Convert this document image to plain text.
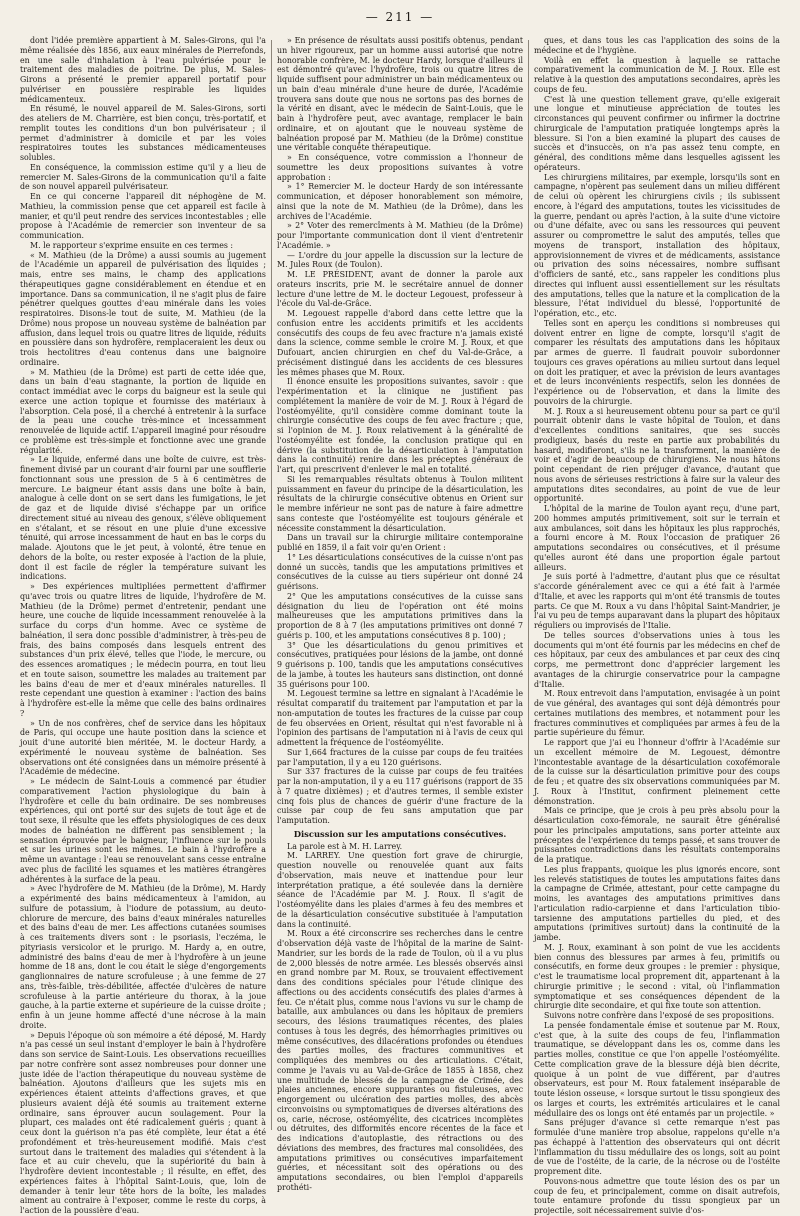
— 211 —

dont l'idée première appartient à M. Sales-Girons, qui l'a même réalisée dès 1856, aux eaux minérales de Pierrefonds, en une salle d'inhalation à l'eau pulvérisée pour le traitement des maladies de poitrine. De plus, M. Sales-Girons a présenté le premier appareil portatif pour pulvériser en poussière respirable les liquides médicamenteux.

En résumé, le nouvel appareil de M. Sales-Girons, sorti des ateliers de M. Charrière, est bien conçu, très-portatif, et remplit toutes les conditions d'un bon pulvérisateur ; il permet d'administrer à domicile et par les voies respiratoires toutes les substances médicamenteuses solubles.

En conséquence, la commission estime qu'il y a lieu de remercier M. Sales-Girons de la communication qu'il a faite de son nouvel appareil pulvérisateur.

En ce qui concerne l'appareil dit néphogène de M. Mathieu, la commission pense que cet appareil est facile à manier, et qu'il peut rendre des services incontestables ; elle propose à l'Académie de remercier son inventeur de sa communication.

M. le rapporteur s'exprime ensuite en ces termes :

« M. Mathieu (de la Drôme) a aussi soumis au jugement de l'Académie un appareil de pulvérisation des liquides ; mais, entre ses mains, le champ des applications thérapeutiques gagne considérablement en étendue et en importance. Dans sa communication, il ne s'agit plus de faire pénétrer quelques gouttes d'eau minérale dans les voies respiratoires. Disons-le tout de suite, M. Mathieu (de la Drôme) nous propose un nouveau système de balnéation par affusion, dans lequel trois ou quatre litres de liquide, réduits en poussière dans son hydrofère, remplaceraient les deux ou trois hectolitres d'eau contenus dans une baignoire ordinaire.

» M. Mathieu (de la Drôme) est parti de cette idée que, dans un bain d'eau stagnante, la portion de liquide en contact immédiat avec le corps du baigneur est la seule qui exerce une action topique et fournisse des matériaux à l'absorption. Cela posé, il a cherché à entretenir à la surface de la peau une couche très-mince et incessamment renouvelée de liquide actif. L'appareil imaginé pour résoudre ce problème est très-simple et fonctionne avec une grande régularité.

» Le liquide, enfermé dans une boîte de cuivre, est très-finement divisé par un courant d'air fourni par une soufflerie fonctionnant sous une pression de 5 à 6 centimètres de mercure. Le baigneur étant assis dans une boîte à bain, analogue à celle dont on se sert dans les fumigations, le jet de gaz et de liquide divisé s'échappe par un orifice directement situé au niveau des genoux, s'élève obliquement en s'étalant, et se résout en une pluie d'une excessive ténuité, qui arrose incessamment de haut en bas le corps du malade. Ajoutons que le jet peut, à volonté, être tenue en dehors de la boîte, ou rester exposée à l'action de la pluie, dont il est facile de régler la température suivant les indications.

» Des expériences multipliées permettent d'affirmer qu'avec trois ou quatre litres de liquide, l'hydrofère de M. Mathieu (de la Drôme) permet d'entretenir, pendant une heure, une couche de liquide incessamment renouvelée à la surface du corps d'un homme. Avec ce système de balnéation, il sera donc possible d'administrer, à très-peu de frais, des bains composés dans lesquels entrent des substances d'un prix élevé, telles que l'iode, le mercure, ou des essences aromatiques ; le médecin pourra, en tout lieu et en toute saison, soumettre les malades au traitement par les bains d'eau de mer et d'eaux minérales naturelles. Il reste cependant une question à examiner : l'action des bains à l'hydrofère est-elle la même que celle des bains ordinaires ?

» Un de nos confrères, chef de service dans les hôpitaux de Paris, qui occupe une haute position dans la science et jouit d'une autorité bien méritée, M. le docteur Hardy, a expérimenté le nouveau système de balnéation. Ses observations ont été consignées dans un mémoire présenté à l'Académie de médecine.

» Le médecin de Saint-Louis a commencé par étudier comparativement l'action physiologique du bain à l'hydrofère et celle du bain ordinaire. De ses nombreuses expériences, qui ont porté sur des sujets de tout âge et de tout sexe, il résulte que les effets physiologiques de ces deux modes de balnéation ne diffèrent pas sensiblement ; la sensation éprouvée par le baigneur, l'influence sur le pouls et sur les urines sont les mêmes. Le bain à l'hydrofère a même un avantage : l'eau se renouvelant sans cesse entraîne avec plus de facilité les squames et les matières étrangères adhérentes à la surface de la peau.

» Avec l'hydrofère de M. Mathieu (de la Drôme), M. Hardy a expérimenté des bains médicamenteux à l'amidon, au sulfure de potassium, à l'iodure de potassium, au deuto-chlorure de mercure, des bains d'eaux minérales naturelles et des bains d'eau de mer. Les affections cutanées soumises à ces traitements divers sont : le psoriasis, l'eczéma, le pityriasis versicolor et le prurigo. M. Hardy a, en outre, administré des bains d'eau de mer à l'hydrofère à un jeune homme de 18 ans, dont le cou était le siège d'engorgements ganglionnaires de nature scrofuleuse ; à une femme de 27 ans, très-faible, très-débilitée, affectée d'ulcères de nature scrofuleuse à la partie antérieure du thorax, à la joue gauche, à la partie externe et supérieure de la cuisse droite ; enfin à un jeune homme affecté d'une nécrose à la main droite.

» Depuis l'époque où son mémoire a été déposé, M. Hardy n'a pas cessé un seul instant d'employer le bain à l'hydrofère dans son service de Saint-Louis. Les observations recueillies par notre confrère sont assez nombreuses pour donner une juste idée de l'action thérapeutique du nouveau système de balnéation. Ajoutons d'ailleurs que les sujets mis en expériences étaient atteints d'affections graves, et que plusieurs avaient déjà été soumis au traitement externe ordinaire, sans éprouver aucun soulagement. Pour la plupart, ces malades ont été radicalement guéris ; quant à ceux dont la guérison n'a pas été complète, leur état a été profondément et très-heureusement modifié. Mais c'est surtout dans le traitement des maladies qui s'étendent à la face et au cuir chevelu, que la supériorité du bain à l'hydrofère devient incontestable ; il résulte, en effet, des expériences faites à l'hôpital Saint-Louis, que, loin de demander à tenir leur tête hors de la boîte, les malades aiment au contraire à l'exposer, comme le reste du corps, à l'action de la poussière d'eau.

» En présence de résultats aussi positifs obtenus, pendant un hiver rigoureux, par un homme aussi autorisé que notre honorable confrère, M. le docteur Hardy, lorsque d'ailleurs il est démontré qu'avec l'hydrofère, trois ou quatre litres de liquide suffisent pour administrer un bain médicamenteux ou un bain d'eau minérale d'une heure de durée, l'Académie trouvera sans doute que nous ne sortons pas des bornes de la vérité en disant, avec le médecin de Saint-Louis, que le bain à l'hydrofère peut, avec avantage, remplacer le bain ordinaire, et on ajoutant que le nouveau système de balnéation proposé par M. Mathieu (de la Drôme) constitue une véritable conquête thérapeutique.

» En conséquence, votre commission a l'honneur de soumettre les deux propositions suivantes à votre approbation :

» 1° Remercier M. le docteur Hardy de son intéressante communication, et déposer honorablement son mémoire, ainsi que la note de M. Mathieu (de la Drôme), dans les archives de l'Académie.

» 2° Voter des remercîments à M. Mathieu (de la Drôme) pour l'importante communication dont il vient d'entretenir l'Académie. »

— L'ordre du jour appelle la discussion sur la lecture de M. Jules Roux (de Toulon).

M. LE PRÉSIDENT, avant de donner la parole aux orateurs inscrits, prie M. le secrétaire annuel de donner lecture d'une lettre de M. le docteur Legouest, professeur à l'école du Val-de-Grâce.

M. Legouest rappelle d'abord dans cette lettre que la confusion entre les accidents primitifs et les accidents consécutifs des coups de feu avec fracture n'a jamais existé dans la science, comme semble le croire M. J. Roux, et que Dufouart, ancien chirurgien en chef du Val-de-Grâce, a précisément distingué dans les accidents de ces blessures les mêmes phases que M. Roux.

Il énonce ensuite les propositions suivantes, savoir : que l'expérimentation et la clinique ne justifient pas complétement la manière de voir de M. J. Roux à l'égard de l'ostéomyélite, qu'il considère comme dominant toute la chirurgie consécutive des coups de feu avec fracture ; que, si l'opinion de M. J. Roux relativement à la généralité de l'ostéomyélite est fondée, la conclusion pratique qui en dérive (la substitution de la désarticulation à l'amputation dans la continuité) renire dans les préceptes généraux de l'art, qui prescrivent d'enlever le mal en totalité.

Si les remarquables résultats obtenus à Toulon militent puissamment en faveur du principe de la désarticulation, les résultats de la chirurgie consécutive obtenus en Orient sur le membre inférieur ne sont pas de nature à faire admettre sans conteste que l'ostéomyélite est toujours générale et nécessite constamment la désarticulation.

Dans un travail sur la chirurgie militaire contemporaine publié en 1859, il a fait voir qu'en Orient :

1° Les désarticulations consécutives de la cuisse n'ont pas donné un succès, tandis que les amputations primitives et consécutives de la cuisse au tiers supérieur ont donné 24 guérisons.

2° Que les amputations consécutives de la cuisse sans désignation du lieu de l'opération ont été moins malheureuses que les amputations primitives dans la proportion de 8 à 7 (les amputations primitives ont donné 7 guéris p. 100, et les amputations consécutives 8 p. 100) ;

3° Que les désarticulations du genou primitives et consécutives, pratiquées pour lésions de la jambe, ont donné 9 guérisons p. 100, tandis que les amputations consécutives de la jambe, à toutes les hauteurs sans distinction, ont donné 35 guérisons pour 100.

M. Legouest termine sa lettre en signalant à l'Académie le résultat comparatif du traitement par l'amputation et par la non-amputation de toutes les fractures de la cuisse par coup de feu observées en Orient, résultat qui n'est favorable ni à l'opinion des partisans de l'amputation ni à l'avis de ceux qui admettent la fréquence de l'ostéomyélite.

Sur 1,664 fractures de la cuisse par coups de feu traitées par l'amputation, il y a eu 120 guérisons.

Sur 337 fractures de la cuisse par coups de feu traitées par la non-amputation, il y a eu 117 guérisons (rapport de 35 à 7 quatre dixièmes) ; et d'autres termes, il semble exister cinq fois plus de chances de guérir d'une fracture de la cuisse par coup de feu sans amputation que par l'amputation.

Discussion sur les amputations consécutives.

La parole est à M. H. Larrey.

M. LARREY. Une question fort grave de chirurgie, question nouvelle ou renouvelée quant aux faits d'observation, mais neuve et inattendue pour leur interprétation pratique, a été soulevée dans la dernière séance de l'Académie par M. J. Roux. Il s'agit de l'ostéomyélite dans les plaies d'armes à feu des membres et de la désarticulation consécutive substituée à l'amputation dans la continuité.

M. Roux a été circonscrire ses recherches dans le centre d'observation déjà vaste de l'hôpital de la marine de Saint-Mandrier, sur les bords de la rade de Toulon, où il a vu plus de 2,000 blessés de notre armée. Les blessés observés ainsi en grand nombre par M. Roux, se trouvaient effectivement dans des conditions spéciales pour l'étude clinique des affections ou des accidents consécutifs des plaies d'armes à feu. Ce n'était plus, comme nous l'avions vu sur le champ de bataille, aux ambulances ou dans les hôpitaux de premiers secours, des lésions traumatiques récentes, des plaies contuses à tous les degrés, des hémorrhagies primitives ou même consécutives, des dilacérations profondes ou étendues des parties molles, des fractures communitives et compliquées des membres ou des articulations. C'était, comme je l'avais vu au Val-de-Grâce de 1855 à 1858, chez une multitude de blessés de la campagne de Crimée, des plaies anciennes, encore suppurantes ou fistuleuses, avec engorgement ou ulcération des parties molles, des abcès circonvoisins ou symptomatiques de diverses altérations des os, carie, nécrose, ostéomyélite, des cicatrices incomplètes ou détruites, des difformités encore récentes de la face et des indications d'autoplastie, des rétractions ou des déviations des membres, des fractures mal consolidées, des amputations primitives ou consécutives imparfaitement guéries, et nécessitant soit des opérations ou des amputations secondaires, ou bien l'emploi d'appareils prothéti-

ques, et dans tous les cas l'application des soins de la médecine et de l'hygiène.

Voilà en effet la question à laquelle se rattache comparativement la communication de M. J. Roux. Elle est relative à la question des amputations secondaires, après les coups de feu.

C'est là une question tellement grave, qu'elle exigerait une longue et minutieuse appréciation de toutes les circonstances qui peuvent confirmer ou infirmer la doctrine chirurgicale de l'amputation pratiquée longtemps après la blessure. Si l'on a bien examiné la plupart des causes de succès et d'insuccès, on n'a pas assez tenu compte, en général, des conditions même dans lesquelles agissent les opérateurs.

Les chirurgiens militaires, par exemple, lorsqu'ils sont en campagne, n'opèrent pas seulement dans un milieu différent de celui où opèrent les chirurgiens civils ; ils subissent encore, à l'égard des amputations, toutes les vicissitudes de la guerre, pendant ou après l'action, à la suite d'une victoire ou d'une défaite, avec ou sans les ressources qui peuvent assurer ou compromettre le salut des amputés, telles que moyens de transport, installation des hôpitaux, approvisionnement de vivres et de médicaments, assistance ou privation des soins nécessaires, nombre suffisant d'officiers de santé, etc., sans rappeler les conditions plus directes qui influent aussi essentiellement sur les résultats des amputations, telles que la nature et la complication de la blessure, l'état individuel du blessé, l'opportunité de l'opération, etc., etc.

Telles sont en aperçu les conditions si nombreuses qui doivent entrer en ligne de compte, lorsqu'il s'agit de comparer les résultats des amputations dans les hôpitaux par armes de guerre. Il faudrait pouvoir subordonner toujours ces graves opérations au milieu surtout dans lequel on doit les pratiquer, et avec la prévision de leurs avantages et de leurs inconvénients respectifs, selon les données de l'expérience ou de l'observation, et dans la limite des pouvoirs de la chirurgie.

M. J. Roux a si heureusement obtenu pour sa part ce qu'il pourrait obtenir dans le vaste hôpital de Toulon, et dans d'excellentes conditions sanitaires, que ses succès prodigieux, basés du reste en partie aux probabilités du hasard, modifieront, s'ils ne la transforment, la manière de voir et d'agir de beaucoup de chirurgiens. Ne nous hâtons point cependant de rien préjuger d'avance, d'autant que nous avons de sérieuses restrictions à faire sur la valeur des amputations dites secondaires, au point de vue de leur opportunité.

L'hôpital de la marine de Toulon ayant reçu, d'une part, 200 hommes amputés primitivement, soit sur le terrain et aux ambulances, soit dans les hôpitaux les plus rapprochés, a fourni encore à M. Roux l'occasion de pratiquer 26 amputations secondaires ou consécutives, et il présume qu'elles auront été dans une proportion égale partout ailleurs.

Je suis porté à l'admettre, d'autant plus que ce résultat s'accorde généralement avec ce qui a été fait à l'armée d'Italie, et avec les rapports qui m'ont été transmis de toutes parts. Ce que M. Roux a vu dans l'hôpital Saint-Mandrier, je l'ai vu peu de temps auparavant dans la plupart des hôpitaux réguliers ou improvisés de l'Italie.

De telles sources d'observations unies à tous les documents qui m'ont été fournis par les médecins en chef de ces hôpitaux, par ceux des ambulances et par ceux des cinq corps, me permettront donc d'apprécier largement les avantages de la chirurgie conservatrice pour la campagne d'Italie.

M. Roux entrevoit dans l'amputation, envisagée à un point de vue général, des avantages qui sont déjà démontrés pour certaines mutilations des membres, et notamment pour les fractures comminutives et compliquées par armes à feu de la partie supérieure du fémur.

Le rapport que j'ai eu l'honneur d'offrir à l'Académie sur un excellent mémoire de M. Legouest, démontre l'incontestable avantage de la désarticulation coxofémorale de la cuisse sur la désarticulation primitive pour des coups de feu ; et quatre des six observations communiquées par M. J. Roux à l'Institut, confirment pleinement cette démonstration.

Mais ce principe, que je crois à peu près absolu pour la désarticulation coxo-fémorale, ne saurait être généralisé pour les principales amputations, sans porter atteinte aux préceptes de l'expérience du temps passé, et sans trouver de puissantes contradictions dans les résultats contemporains de la pratique.

Les plus frappants, quoique les plus ignorés encore, sont les relevés statistiques de toutes les amputations faites dans la campagne de Crimée, attestant, pour cette campagne du moins, les avantages des amputations primitives dans l'articulation radio-carpienne et dans l'articulation tibio-tarsienne des amputations partielles du pied, et des amputations (primitives surtout) dans la continuité de la jambe.

M. J. Roux, examinant à son point de vue les accidents bien connus des blessures par armes à feu, primitifs ou consécutifs, en forme deux groupes : le premier : physique, c'est le traumatisme local proprement dit, appartenant à la chirurgie primitive ; le second : vital, où l'inflammation symptomatique et ses conséquences dépendent de la chirurgie dite secondaire, et qui fixe toute son attention.

Suivons notre confrère dans l'exposé de ses propositions.

La pensée fondamentale émise et soutenue par M. Roux, c'est que, à la suite des coups de feu, l'inflammation traumatique, se développant dans les os, comme dans les parties molles, constitue ce que l'on appelle l'ostéomyélite. Cette complication grave de la blessure déjà bien décrite, quoique à un point de vue différent, par d'autres observateurs, est pour M. Roux fatalement inséparable de toute lésion osseuse, « lorsque surtout le tissu spongieux des os larges et courts, les extrémités articulaires et le canal médullaire des os longs ont été entamés par un projectile. »

Sans préjuger d'avance si cette remarque n'est pas formulée d'une manière trop absolue, rappelons qu'elle n'a pas échappé à l'attention des observateurs qui ont décrit l'inflammation du tissu médullaire des os longs, soit au point de vue de l'ostéite, de la carie, de la nécrose ou de l'ostéite proprement dite.

Pouvons-nous admettre que toute lésion des os par un coup de feu, et principalement, comme on disait autrefois, toute entamure profonde du tissu spongieux par un projectile, soit nécessairement suivie d'os-
